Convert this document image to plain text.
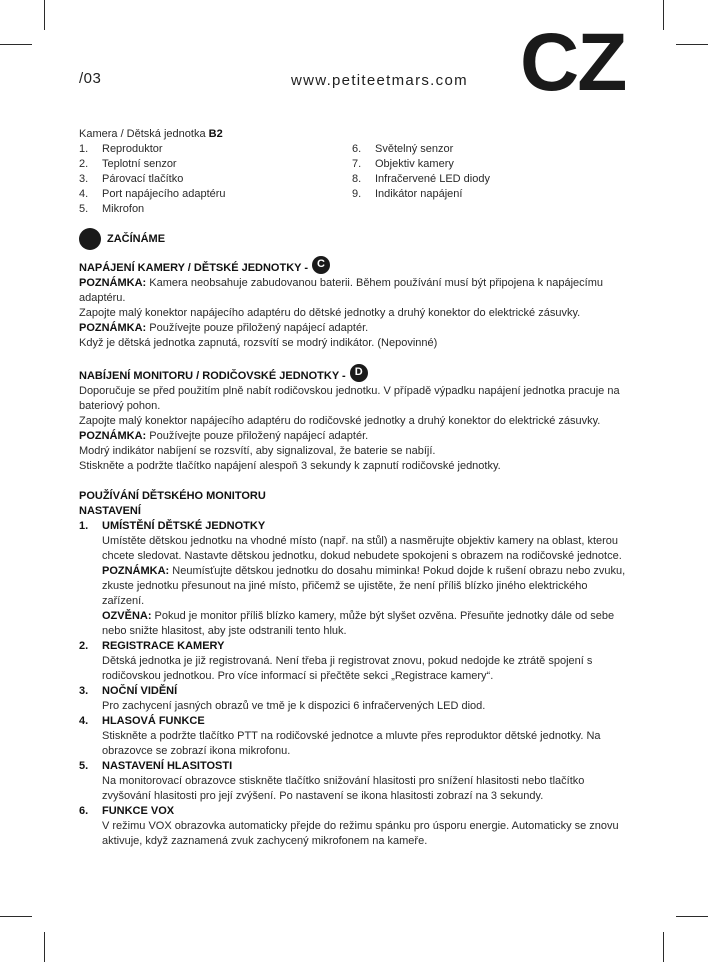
/03	www.petiteetmars.com CZ

Kamera / Dětská jednotka B2

1. Reproduktor
2. Teplotní senzor
3. Párovací tlačítko
4. Port napájecího adaptéru
5. Mikrofon
6. Světelný senzor
7. Objektiv kamery
8. Infračervené LED diody
9. Indikátor napájení
ZAČÍNÁME
NAPÁJENÍ KAMERY / DĚTSKÉ JEDNOTKY - C

POZNÁMKA: Kamera neobsahuje zabudovanou baterii. Během používání musí být připojena k napájecímu adaptéru.

Zapojte malý konektor napájecího adaptéru do dětské jednotky a druhý konektor do elektrické zásuvky.

POZNÁMKA: Používejte pouze přiložený napájecí adaptér.

Když je dětská jednotka zapnutá, rozsvítí se modrý indikátor. (Nepovinné)

NABÍJENÍ MONITORU / RODIČOVSKÉ JEDNOTKY - D

Doporučuje se před použitím plně nabít rodičovskou jednotku. V případě výpadku napájení jednotka pracuje na bateriový pohon.

Zapojte malý konektor napájecího adaptéru do rodičovské jednotky a druhý konektor do elektrické zásuvky.

POZNÁMKA: Používejte pouze přiložený napájecí adaptér.

Modrý indikátor nabíjení se rozsvítí, aby signalizoval, že baterie se nabíjí.

Stiskněte a podržte tlačítko napájení alespoň 3 sekundy k zapnutí rodičovské jednotky.

POUŽÍVÁNÍ DĚTSKÉHO MONITORU

NASTAVENÍ

1.	UMÍSTĚNÍ DĚTSKÉ JEDNOTKY

Umístěte dětskou jednotku na vhodné místo (např. na stůl) a nasměrujte objektiv kamery na oblast, kterou chcete sledovat. Nastavte dětskou jednotku, dokud nebudete spokojeni s obrazem na rodičovské jednotce.

POZNÁMKA: Neumísťujte dětskou jednotku do dosahu miminka! Pokud dojde k rušení obrazu nebo zvuku, zkuste jednotku přesunout na jiné místo, přičemž se ujistěte, že není příliš blízko jiného elektrického zařízení.

OZVĚNA: Pokud je monitor příliš blízko kamery, může být slyšet ozvěna. Přesuňte jednotky dále od sebe nebo snižte hlasitost, aby jste odstranili tento hluk.

2.	REGISTRACE KAMERY

Dětská jednotka je již registrovaná. Není třeba ji registrovat znovu, pokud nedojde ke ztrátě spojení s rodičovskou jednotkou. Pro více informací si přečtěte sekci „Registrace kamery“.

3.	NOČNÍ VIDĚNÍ

Pro zachycení jasných obrazů ve tmě je k dispozici 6 infračervených LED diod.

4.	HLASOVÁ FUNKCE

Stiskněte a podržte tlačítko PTT na rodičovské jednotce a mluvte přes reproduktor dětské jednotky. Na obrazovce se zobrazí ikona mikrofonu.

5.	NASTAVENÍ HLASITOSTI

Na monitorovací obrazovce stiskněte tlačítko snižování hlasitosti pro snížení hlasitosti nebo tlačítko zvyšování hlasitosti pro její zvýšení. Po nastavení se ikona hlasitosti zobrazí na 3 sekundy.

6.	FUNKCE VOX

V režimu VOX obrazovka automaticky přejde do režimu spánku pro úsporu energie. Automaticky se znovu aktivuje, když zaznamená zvuk zachycený mikrofonem na kameře.
